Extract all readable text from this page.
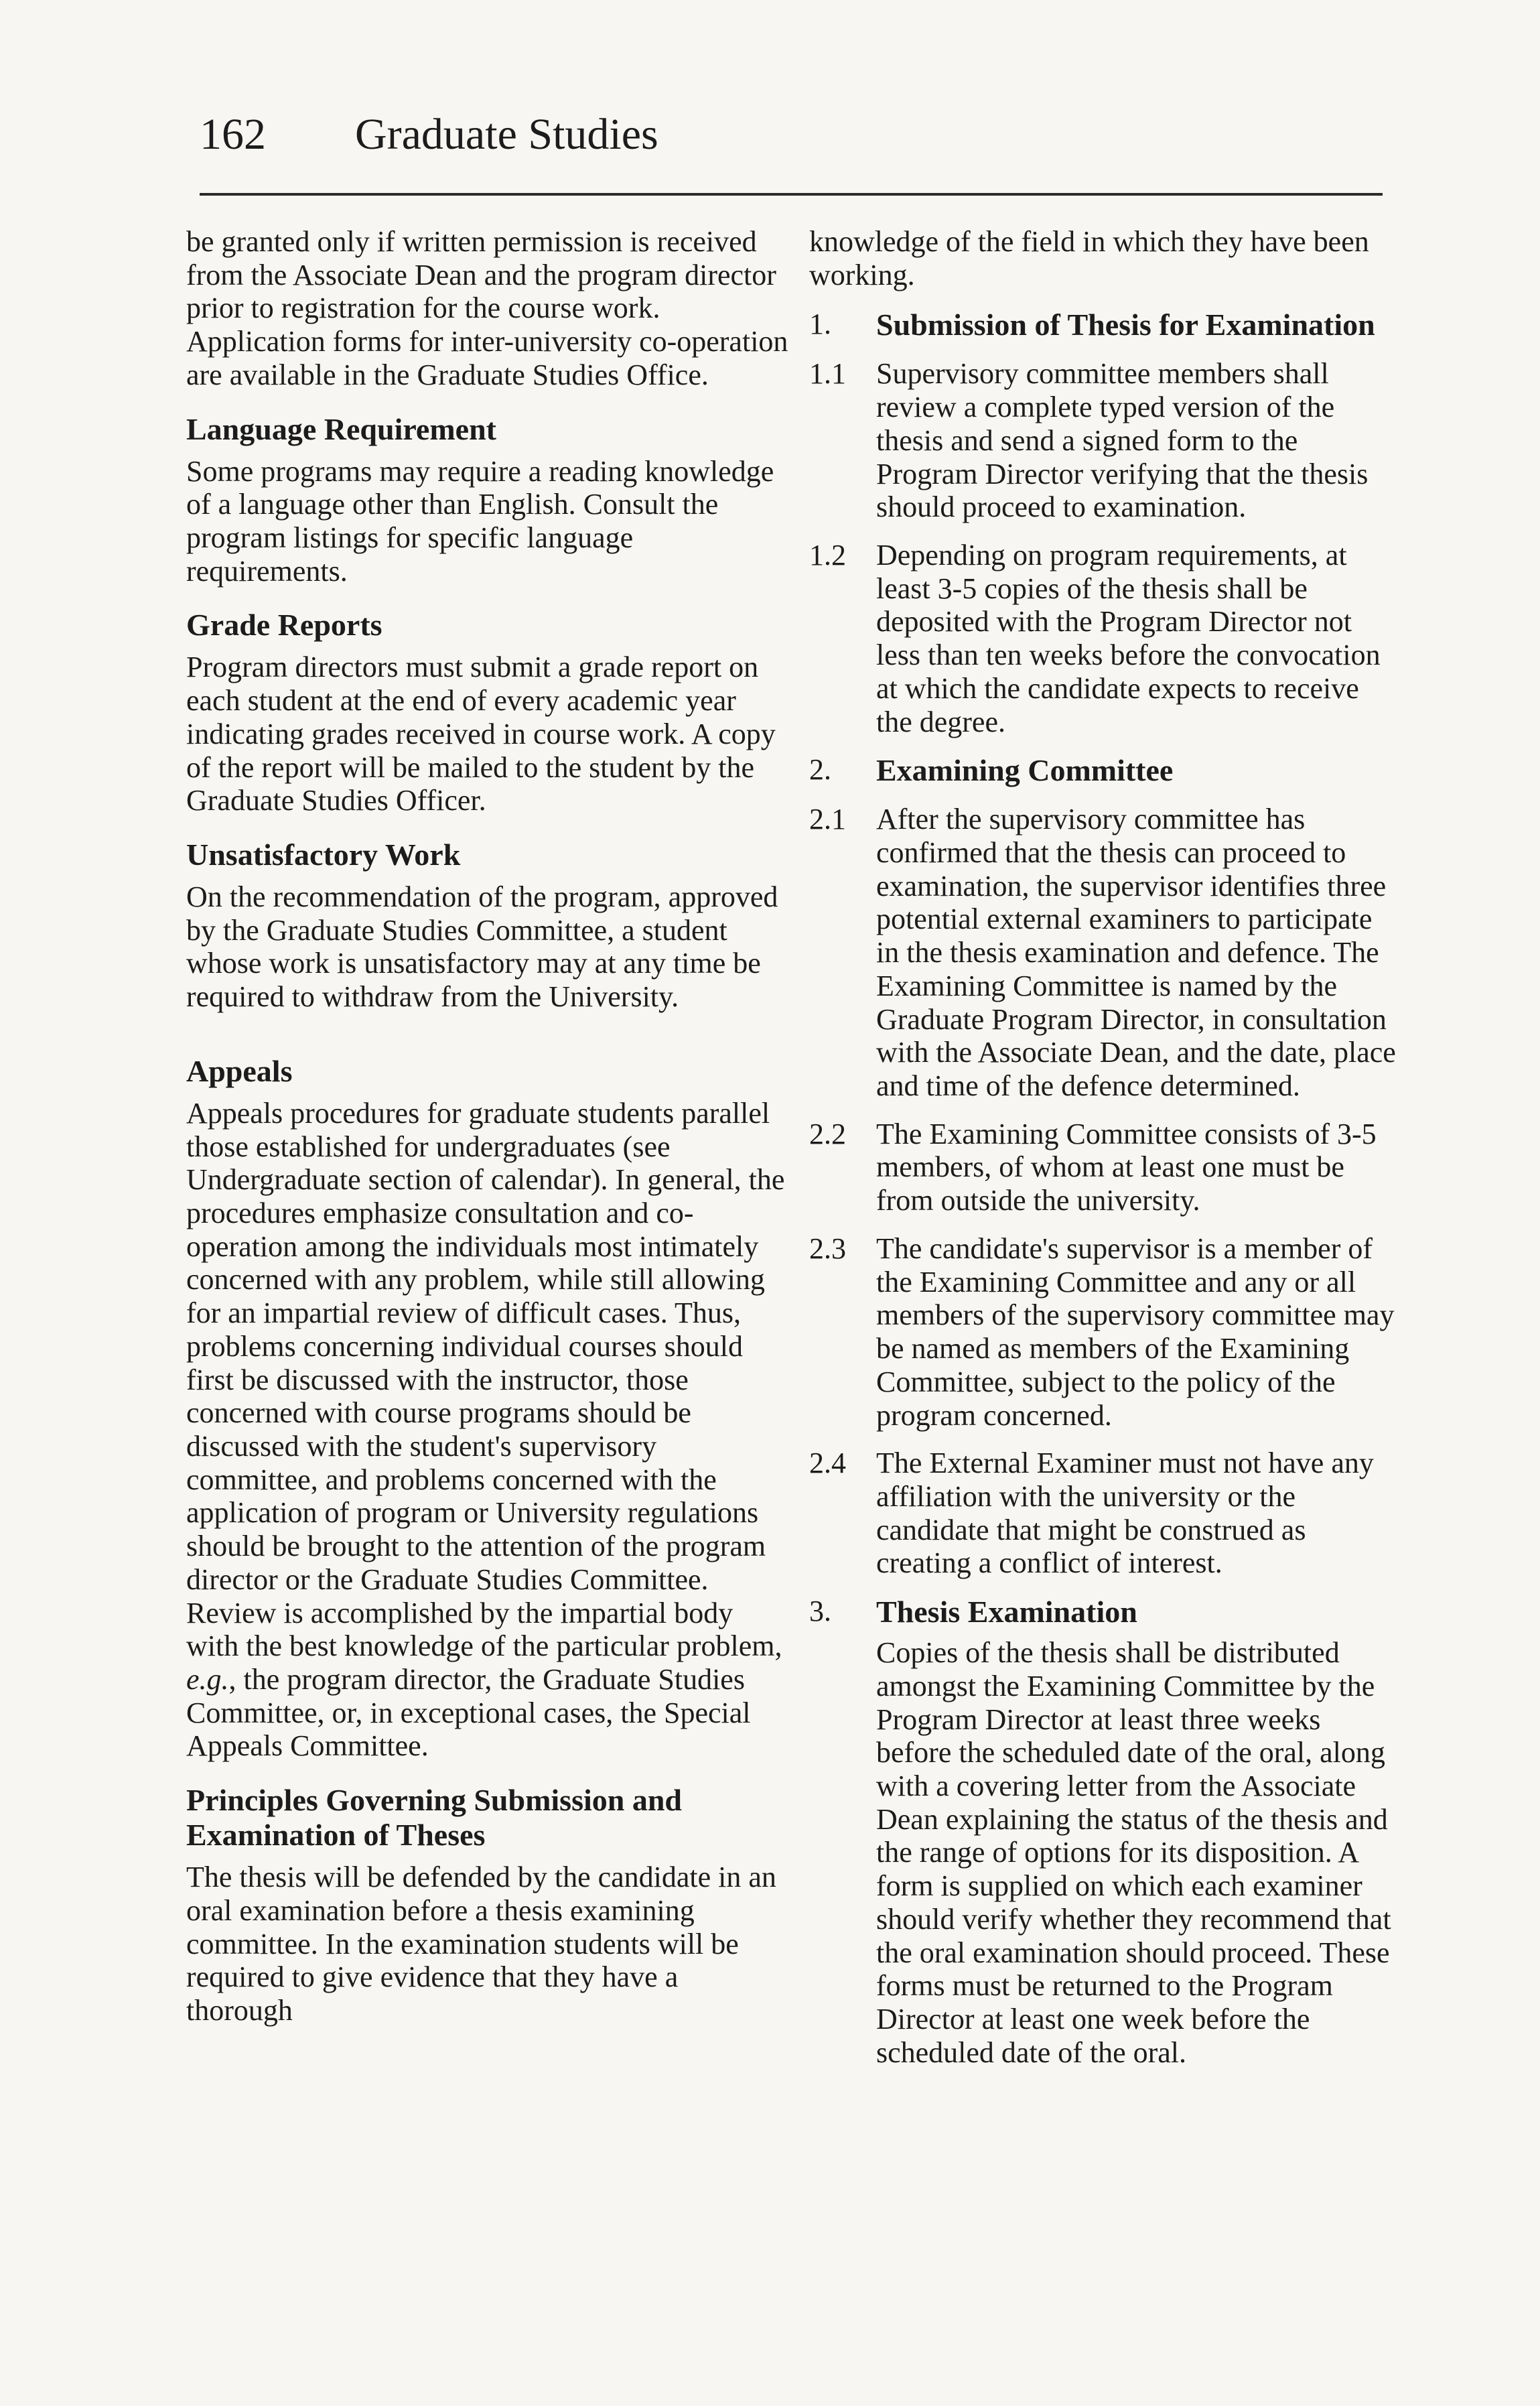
162 Graduate Studies

be granted only if written permission is received from the Associate Dean and the program director prior to registration for the course work. Application forms for inter-university co-operation are available in the Graduate Studies Office.

Language Requirement

Some programs may require a reading knowledge of a language other than English. Consult the program listings for specific language requirements.

Grade Reports

Program directors must submit a grade report on each student at the end of every academic year indicating grades received in course work. A copy of the report will be mailed to the student by the Graduate Studies Officer.

Unsatisfactory Work

On the recommendation of the program, approved by the Graduate Studies Committee, a student whose work is unsatisfactory may at any time be required to withdraw from the University.

Appeals

Appeals procedures for graduate students parallel those established for undergraduates (see Undergraduate section of calendar). In general, the procedures emphasize consultation and co-operation among the individuals most intimately concerned with any problem, while still allowing for an impartial review of difficult cases. Thus, problems concerning individual courses should first be discussed with the instructor, those concerned with course programs should be discussed with the student's supervisory committee, and problems concerned with the application of program or University regulations should be brought to the attention of the program director or the Graduate Studies Committee. Review is accomplished by the impartial body with the best knowledge of the particular problem, e.g., the program director, the Graduate Studies Committee, or, in exceptional cases, the Special Appeals Committee.

Principles Governing Submission and Examination of Theses

The thesis will be defended by the candidate in an oral examination before a thesis examining committee. In the examination students will be required to give evidence that they have a thorough

knowledge of the field in which they have been working.

1.	Submission of Thesis for Examination
1.1	Supervisory committee members shall review a complete typed version of the thesis and send a signed form to the Program Director verifying that the thesis should proceed to examination.
1.2	Depending on program requirements, at least 3-5 copies of the thesis shall be deposited with the Program Director not less than ten weeks before the convocation at which the candidate expects to receive the degree.
2.	Examining Committee
2.1	After the supervisory committee has confirmed that the thesis can proceed to examination, the supervisor identifies three potential external examiners to participate in the thesis examination and defence. The Examining Committee is named by the Graduate Program Director, in consultation with the Associate Dean, and the date, place and time of the defence determined.
2.2	The Examining Committee consists of 3-5 members, of whom at least one must be from outside the university.
2.3	The candidate's supervisor is a member of the Examining Committee and any or all members of the supervisory committee may be named as members of the Examining Committee, subject to the policy of the program concerned.
2.4	The External Examiner must not have any affiliation with the university or the candidate that might be construed as creating a conflict of interest.
3.	Thesis Examination

Copies of the thesis shall be distributed amongst the Examining Committee by the Program Director at least three weeks before the scheduled date of the oral, along with a covering letter from the Associate Dean explaining the status of the thesis and the range of options for its disposition. A form is supplied on which each examiner should verify whether they recommend that the oral examination should proceed. These forms must be returned to the Program Director at least one week before the scheduled date of the oral.
